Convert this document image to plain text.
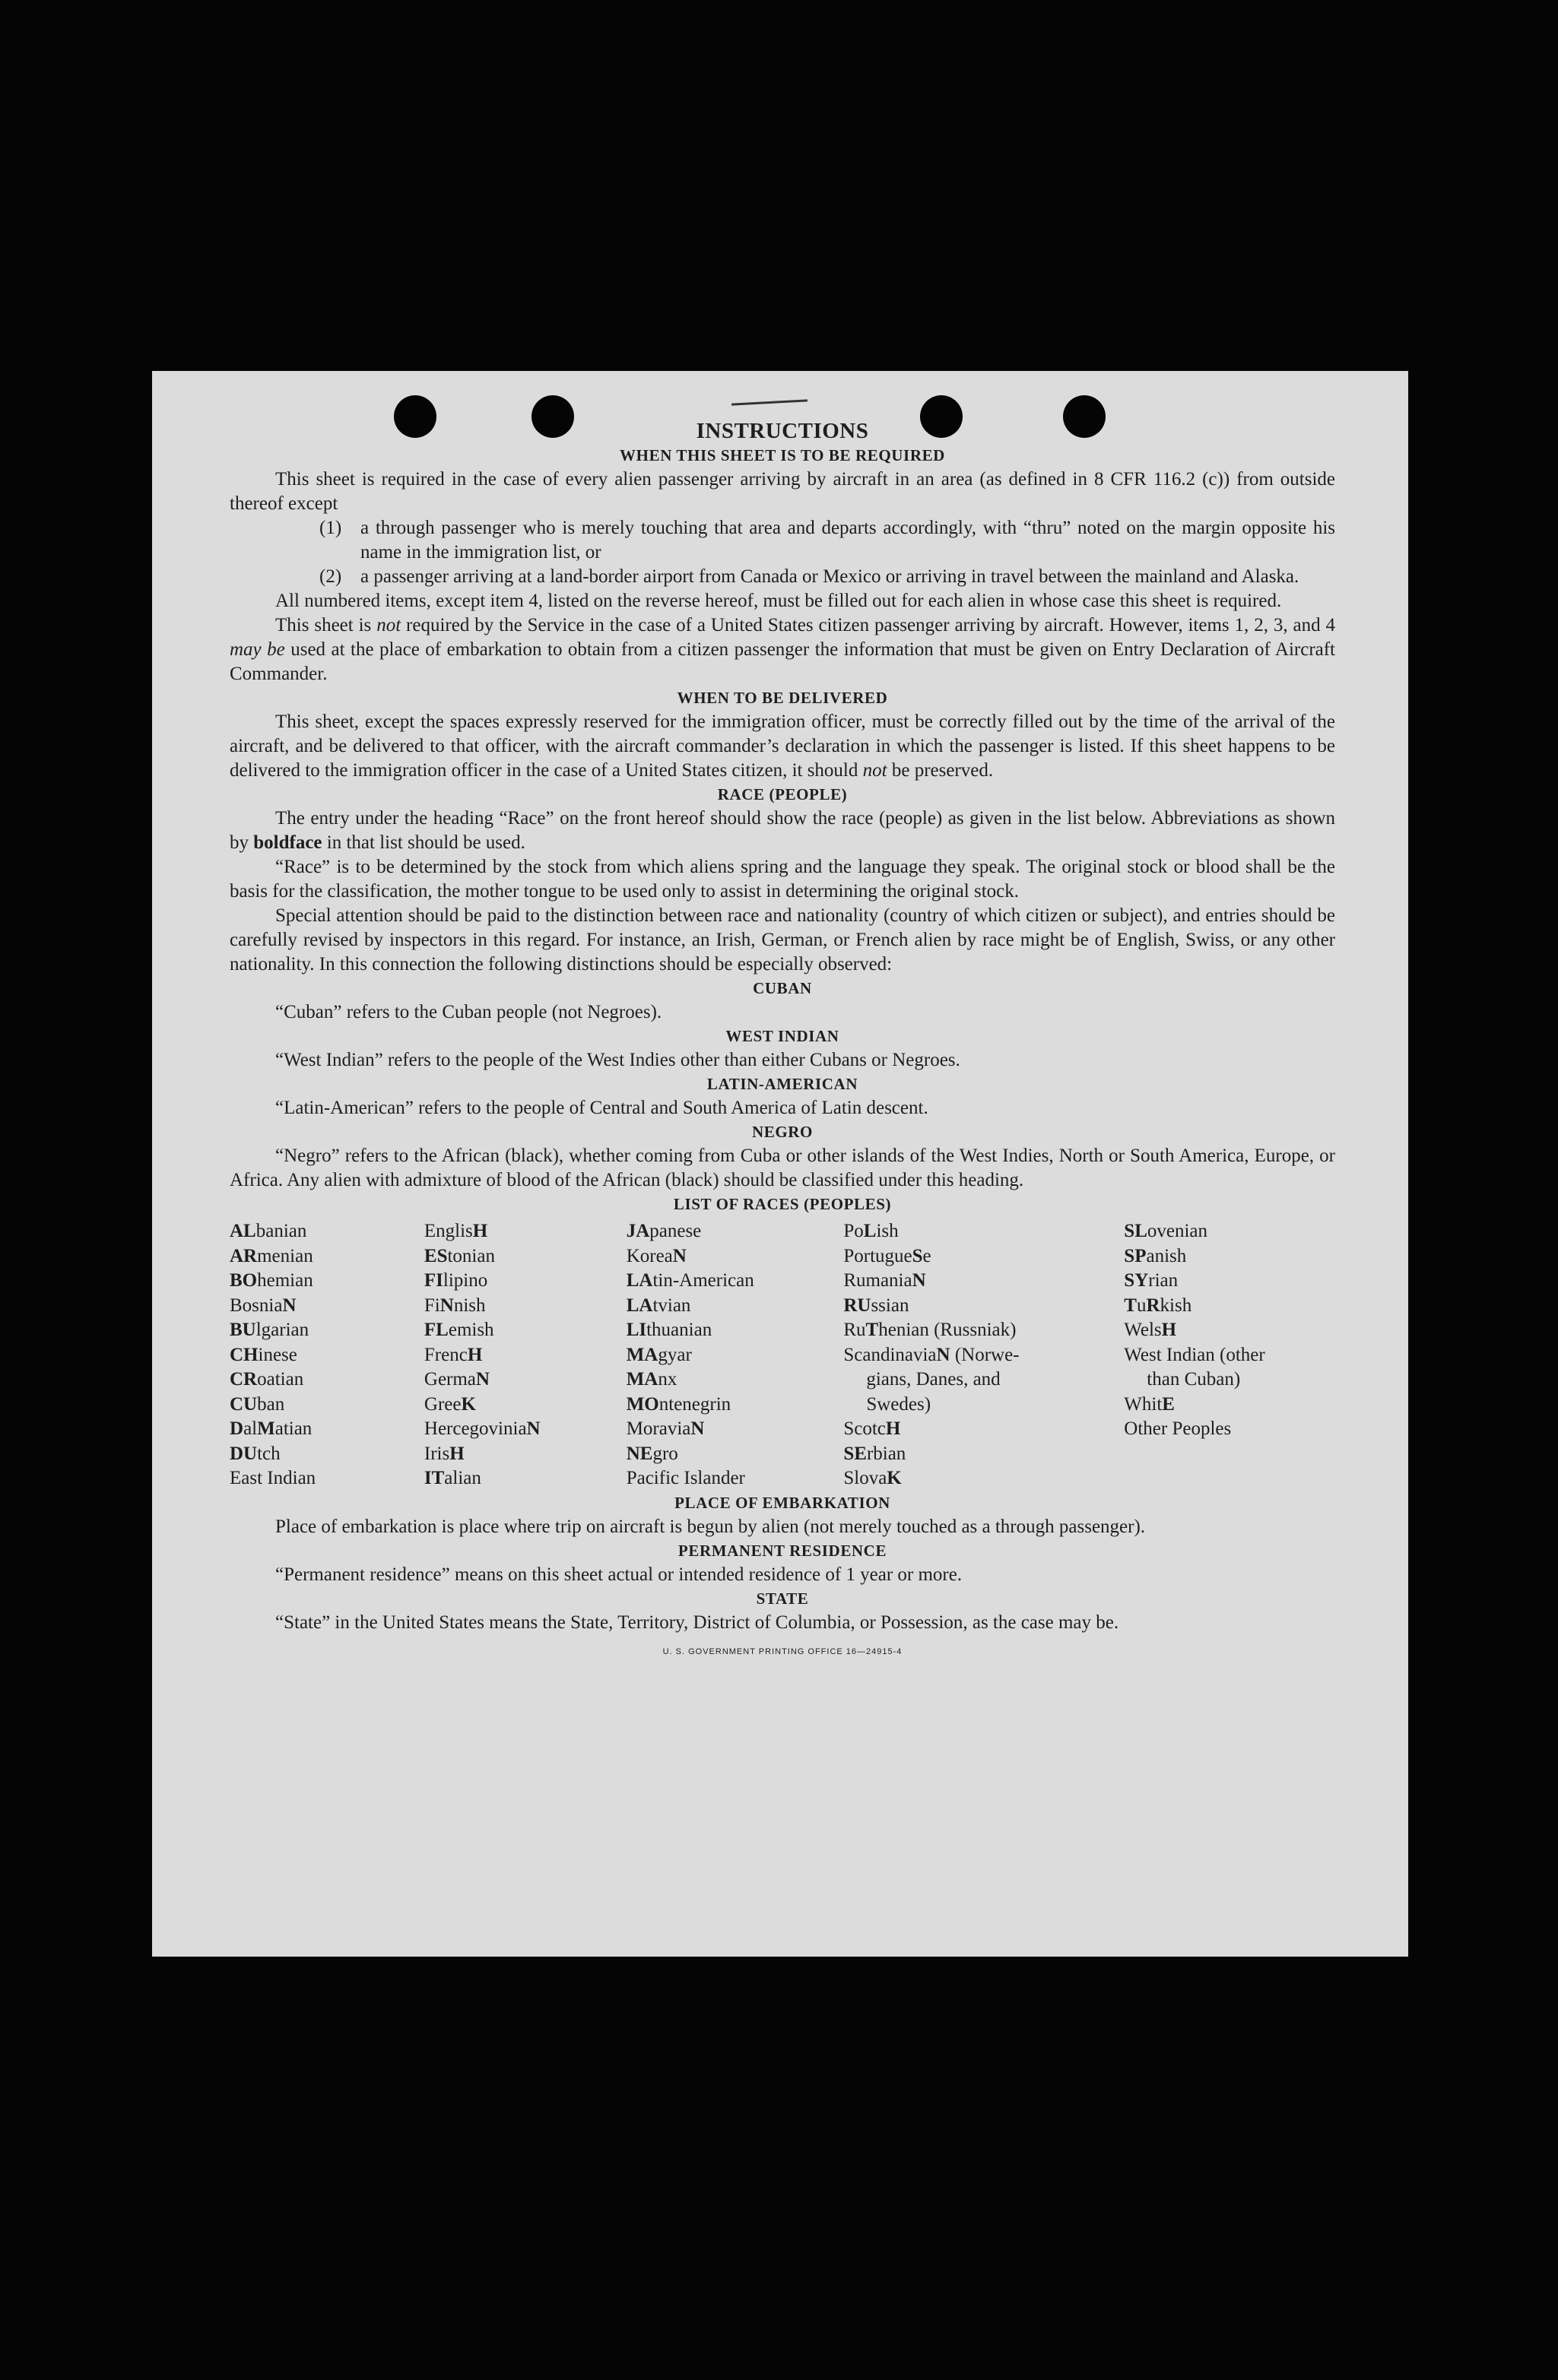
INSTRUCTIONS
WHEN THIS SHEET IS TO BE REQUIRED

This sheet is required in the case of every alien passenger arriving by aircraft in an area (as defined in 8 CFR 116.2 (c)) from outside thereof except

(1) a through passenger who is merely touching that area and departs accordingly, with “thru” noted on the margin opposite his name in the immigration list, or
(2) a passenger arriving at a land-border airport from Canada or Mexico or arriving in travel between the mainland and Alaska.

All numbered items, except item 4, listed on the reverse hereof, must be filled out for each alien in whose case this sheet is required.

This sheet is not required by the Service in the case of a United States citizen passenger arriving by aircraft. However, items 1, 2, 3, and 4 may be used at the place of embarkation to obtain from a citizen passenger the information that must be given on Entry Declaration of Aircraft Commander.

WHEN TO BE DELIVERED

This sheet, except the spaces expressly reserved for the immigration officer, must be correctly filled out by the time of the arrival of the aircraft, and be delivered to that officer, with the aircraft commander’s declaration in which the passenger is listed. If this sheet happens to be delivered to the immigration officer in the case of a United States citizen, it should not be preserved.

RACE (PEOPLE)

The entry under the heading “Race” on the front hereof should show the race (people) as given in the list below. Abbreviations as shown by boldface in that list should be used.

“Race” is to be determined by the stock from which aliens spring and the language they speak. The original stock or blood shall be the basis for the classification, the mother tongue to be used only to assist in determining the original stock.

Special attention should be paid to the distinction between race and nationality (country of which citizen or subject), and entries should be carefully revised by inspectors in this regard. For instance, an Irish, German, or French alien by race might be of English, Swiss, or any other nationality. In this connection the following distinctions should be especially observed:

CUBAN

“Cuban” refers to the Cuban people (not Negroes).

WEST INDIAN

“West Indian” refers to the people of the West Indies other than either Cubans or Negroes.

LATIN-AMERICAN

“Latin-American” refers to the people of Central and South America of Latin descent.

NEGRO

“Negro” refers to the African (black), whether coming from Cuba or other islands of the West Indies, North or South America, Europe, or Africa. Any alien with admixture of blood of the African (black) should be classified under this heading.

LIST OF RACES (PEOPLES)
ALbanian
ARmenian
BOhemian
BosniaN
BUlgarian
CHinese
CRoatian
CUban
DalMatian
DUtch
East Indian
EnglisH
EStonian
FIlipino
FiNnish
FLemish
FrencH
GermaN
GreeK
HercegoviniaN
IrisH
ITalian
JApanese
KoreaN
LAtin-American
LAtvian
LIthuanian
MAgyar
MAnx
MOntenegrin
MoraviaN
NEgro
Pacific Islander
PoLish
PortugueSe
RumaniaN
RUssian
RuThenian (Russniak)
ScandinaviaN (Norwe-
gians, Danes, and
Swedes)
ScotcH
SErbian
SlovaK
SLovenian
SPanish
SYrian
TuRkish
WelsH
West Indian (other
than Cuban)
WhitE
Other Peoples
PLACE OF EMBARKATION

Place of embarkation is place where trip on aircraft is begun by alien (not merely touched as a through passenger).

PERMANENT RESIDENCE

“Permanent residence” means on this sheet actual or intended residence of 1 year or more.

STATE

“State” in the United States means the State, Territory, District of Columbia, or Possession, as the case may be.

U. S. GOVERNMENT PRINTING OFFICE 16—24915-4
